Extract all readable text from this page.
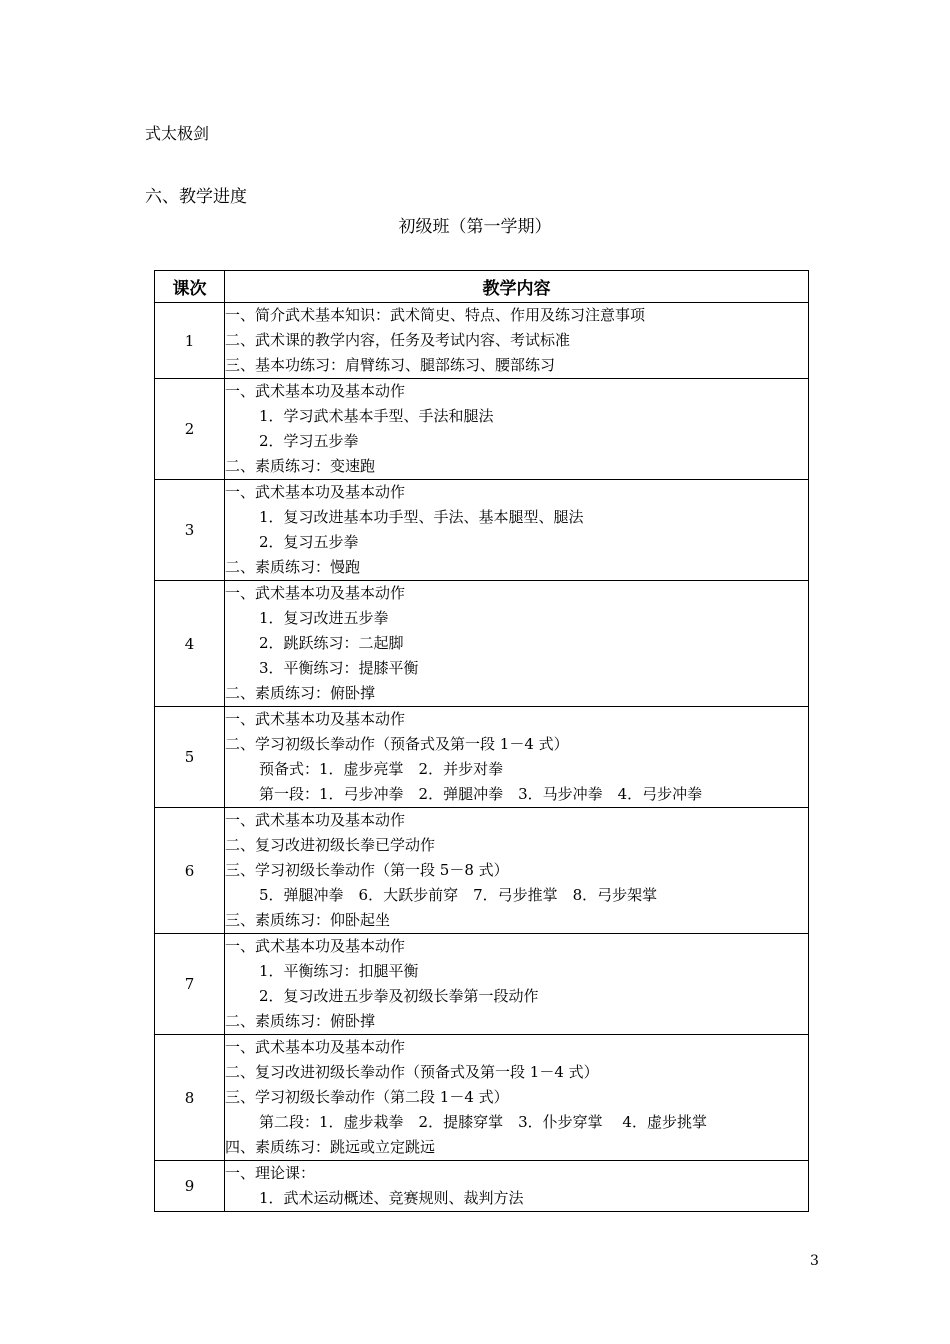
式太极剑
六、教学进度
初级班（第一学期）
课次	教学内容
1	一、简介武术基本知识：武术简史、特点、作用及练习注意事项
二、武术课的教学内容，任务及考试内容、考试标准
三、基本功练习：肩臂练习、腿部练习、腰部练习

2	一、武术基本功及基本动作
1．学习武术基本手型、手法和腿法
2．学习五步拳
二、素质练习：变速跑

3	一、武术基本功及基本动作
1．复习改进基本功手型、手法、基本腿型、腿法
2．复习五步拳
二、素质练习：慢跑

4	一、武术基本功及基本动作
1．复习改进五步拳
2．跳跃练习：二起脚
3．平衡练习：提膝平衡
二、素质练习：俯卧撑

5	一、武术基本功及基本动作
二、学习初级长拳动作（预备式及第一段 1－4 式）
预备式：1．虚步亮掌　2．并步对拳
第一段：1．弓步冲拳　2．弹腿冲拳　3．马步冲拳　4．弓步冲拳

6	一、武术基本功及基本动作
二、复习改进初级长拳已学动作
三、学习初级长拳动作（第一段 5－8 式）
5．弹腿冲拳　6．大跃步前穿　7．弓步推掌　8．弓步架掌
三、素质练习：仰卧起坐

7	一、武术基本功及基本动作
1．平衡练习：扣腿平衡
2．复习改进五步拳及初级长拳第一段动作
二、素质练习：俯卧撑

8	一、武术基本功及基本动作
二、复习改进初级长拳动作（预备式及第一段 1－4 式）
三、学习初级长拳动作（第二段 1－4 式）
第二段：1．虚步栽拳　2．提膝穿掌　3．仆步穿掌　 4．虚步挑掌
四、素质练习：跳远或立定跳远

9	一、理论课：
1．武术运动概述、竞赛规则、裁判方法
3
